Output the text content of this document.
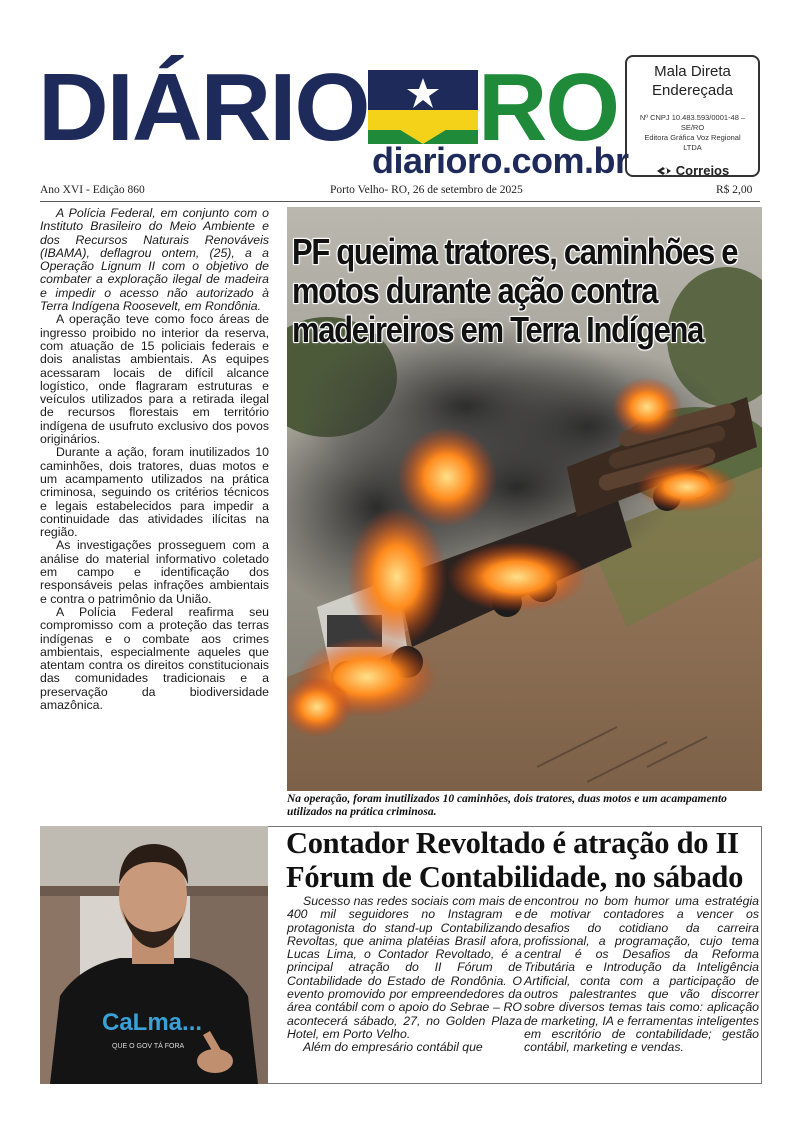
DIÁRIO RO
diarioro.com.br
Mala Direta
Endereçada
Nº CNPJ 10.483.593/0001-48 – SE/RO
Editora Gráfica Voz Regional LTDA
Correios
Ano XVI - Edição 860	Porto Velho- RO, 26 de setembro de 2025	R$ 2,00

A Polícia Federal, em conjunto com o Instituto Brasileiro do Meio Ambiente e dos Recursos Naturais Renováveis (IBAMA), deflagrou ontem, (25), a a Operação Lignum II com o objetivo de combater a exploração ilegal de madeira e impedir o acesso não autorizado à Terra Indígena Roosevelt, em Rondônia.

A operação teve como foco áreas de ingresso proibido no interior da reserva, com atuação de 15 policiais federais e dois analistas ambientais. As equipes acessaram locais de difícil alcance logístico, onde flagraram estruturas e veículos utilizados para a retirada ilegal de recursos florestais em território indígena de usufruto exclusivo dos povos originários.

Durante a ação, foram inutilizados 10 caminhões, dois tratores, duas motos e um acampamento utilizados na prática criminosa, seguindo os critérios técnicos e legais estabelecidos para impedir a continuidade das atividades ilícitas na região.

As investigações prosseguem com a análise do material informativo coletado em campo e identificação dos responsáveis pelas infrações ambientais e contra o patrimônio da União.

A Polícia Federal reafirma seu compromisso com a proteção das terras indígenas e o combate aos crimes ambientais, especialmente aqueles que atentam contra os direitos constitucionais das comunidades tradicionais e a preservação da biodiversidade amazônica.

PF queima tratores, caminhões e motos durante ação contra madeireiros em Terra Indígena
Na operação, foram inutilizados 10 caminhões, dois tratores, duas motos e um acampamento utilizados na prática criminosa.
CaLma...
QUE O GOV TÁ FORA
Contador Revoltado é atração do II Fórum de Contabilidade, no sábado

Sucesso nas redes sociais com mais de 400 mil seguidores no Instagram e protagonista do stand-up Contabilizando Revoltas, que anima platéias Brasil afora, Lucas Lima, o Contador Revoltado, é a principal atração do II Fórum de Contabilidade do Estado de Rondônia. O evento promovido por empreendedores da área contábil com o apoio do Sebrae – RO acontecerá sábado, 27, no Golden Plaza Hotel, em Porto Velho.

Além do empresário contábil que

encontrou no bom humor uma estratégia de motivar contadores a vencer os desafios do cotidiano da carreira profissional, a programação, cujo tema central é os Desafios da Reforma Tributária e Introdução da Inteligência Artificial, conta com a participação de outros palestrantes que vão discorrer sobre diversos temas tais como: aplicação de marketing, IA e ferramentas inteligentes em escritório de contabilidade; gestão contábil, marketing e vendas.
